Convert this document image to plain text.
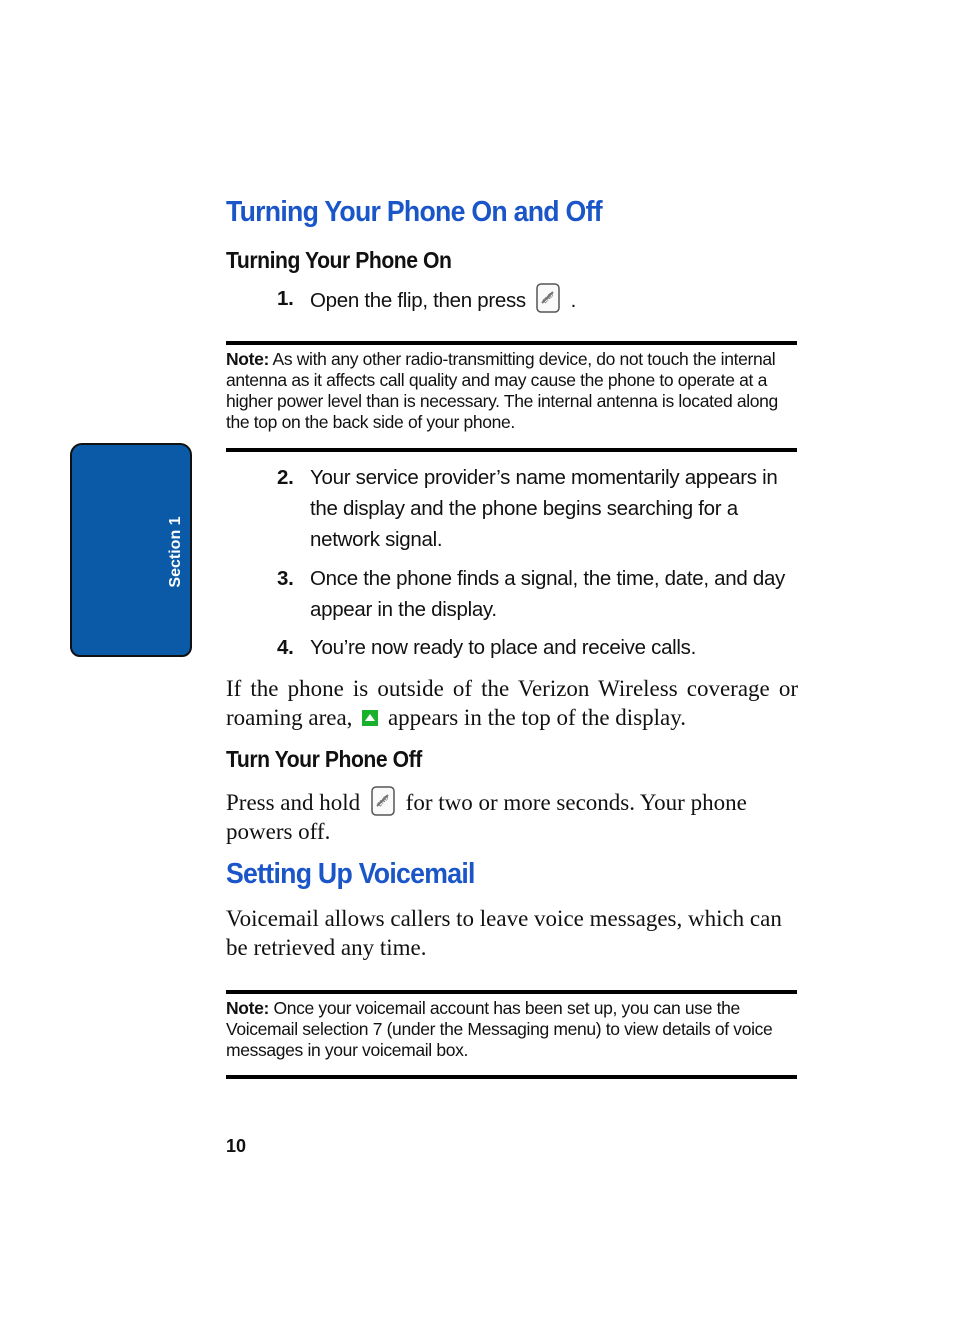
Section 1
Turning Your Phone On and Off
Turning Your Phone On
1. Open the flip, then press	END .
Note: As with any other radio-transmitting device, do not touch the internal antenna as it affects call quality and may cause the phone to operate at a higher power level than is necessary. The internal antenna is located along the top on the back side of your phone.
2. Your service provider’s name momentarily appears in the display and the phone begins searching for a network signal.
3. Once the phone finds a signal, the time, date, and day appear in the display.
4. You’re now ready to place and receive calls.
If the phone is outside of the Verizon Wireless coverage or roaming area, appears in the top of the display.
Turn Your Phone Off
Press and hold	END for two or more seconds. Your phone powers off.
Setting Up Voicemail
Voicemail allows callers to leave voice messages, which can be retrieved any time.
Note: Once your voicemail account has been set up, you can use the Voicemail selection 7 (under the Messaging menu) to view details of voice messages in your voicemail box.
10
